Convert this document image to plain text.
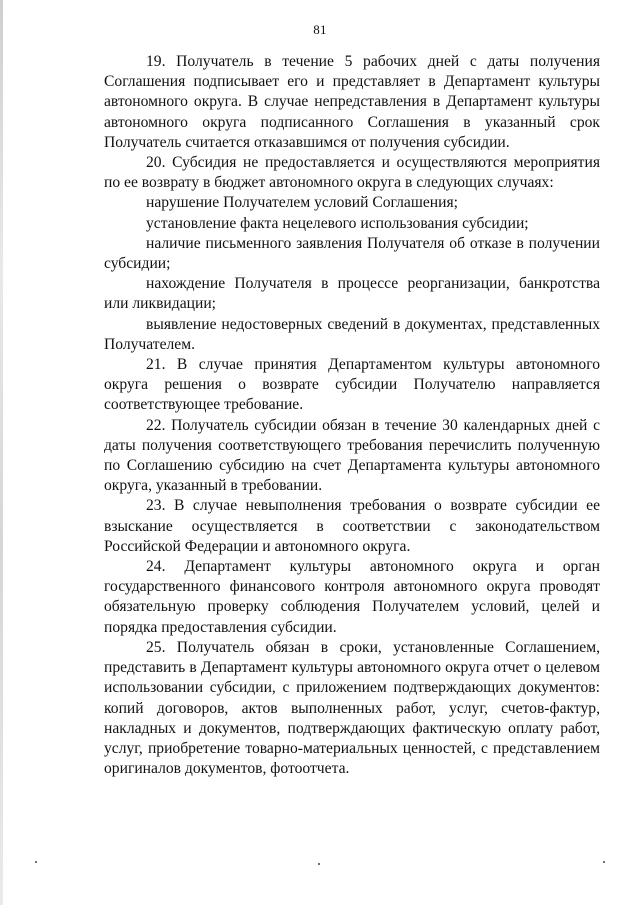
81

19. Получатель в течение 5 рабочих дней с даты получения Соглашения подписывает его и представляет в Департамент культуры автономного округа. В случае непредставления в Департамент культуры автономного округа подписанного Соглашения в указанный срок Получатель считается отказавшимся от получения субсидии.

20. Субсидия не предоставляется и осуществляются мероприятия по ее возврату в бюджет автономного округа в следующих случаях:

нарушение Получателем условий Соглашения;

установление факта нецелевого использования субсидии;

наличие письменного заявления Получателя об отказе в получении субсидии;

нахождение Получателя в процессе реорганизации, банкротства или ликвидации;

выявление недостоверных сведений в документах, представленных Получателем.

21. В случае принятия Департаментом культуры автономного округа решения о возврате субсидии Получателю направляется соответствующее требование.

22. Получатель субсидии обязан в течение 30 календарных дней с даты получения соответствующего требования перечислить полученную по Соглашению субсидию на счет Департамента культуры автономного округа, указанный в требовании.

23. В случае невыполнения требования о возврате субсидии ее взыскание осуществляется в соответствии с законодательством Российской Федерации и автономного округа.

24. Департамент культуры автономного округа и орган государственного финансового контроля автономного округа проводят обязательную проверку соблюдения Получателем условий, целей и порядка предоставления субсидии.

25. Получатель обязан в сроки, установленные Соглашением, представить в Департамент культуры автономного округа отчет о целевом использовании субсидии, с приложением подтверждающих документов: копий договоров, актов выполненных работ, услуг, счетов-фактур, накладных и документов, подтверждающих фактическую оплату работ, услуг, приобретение товарно-материальных ценностей, с представлением оригиналов документов, фотоотчета.
